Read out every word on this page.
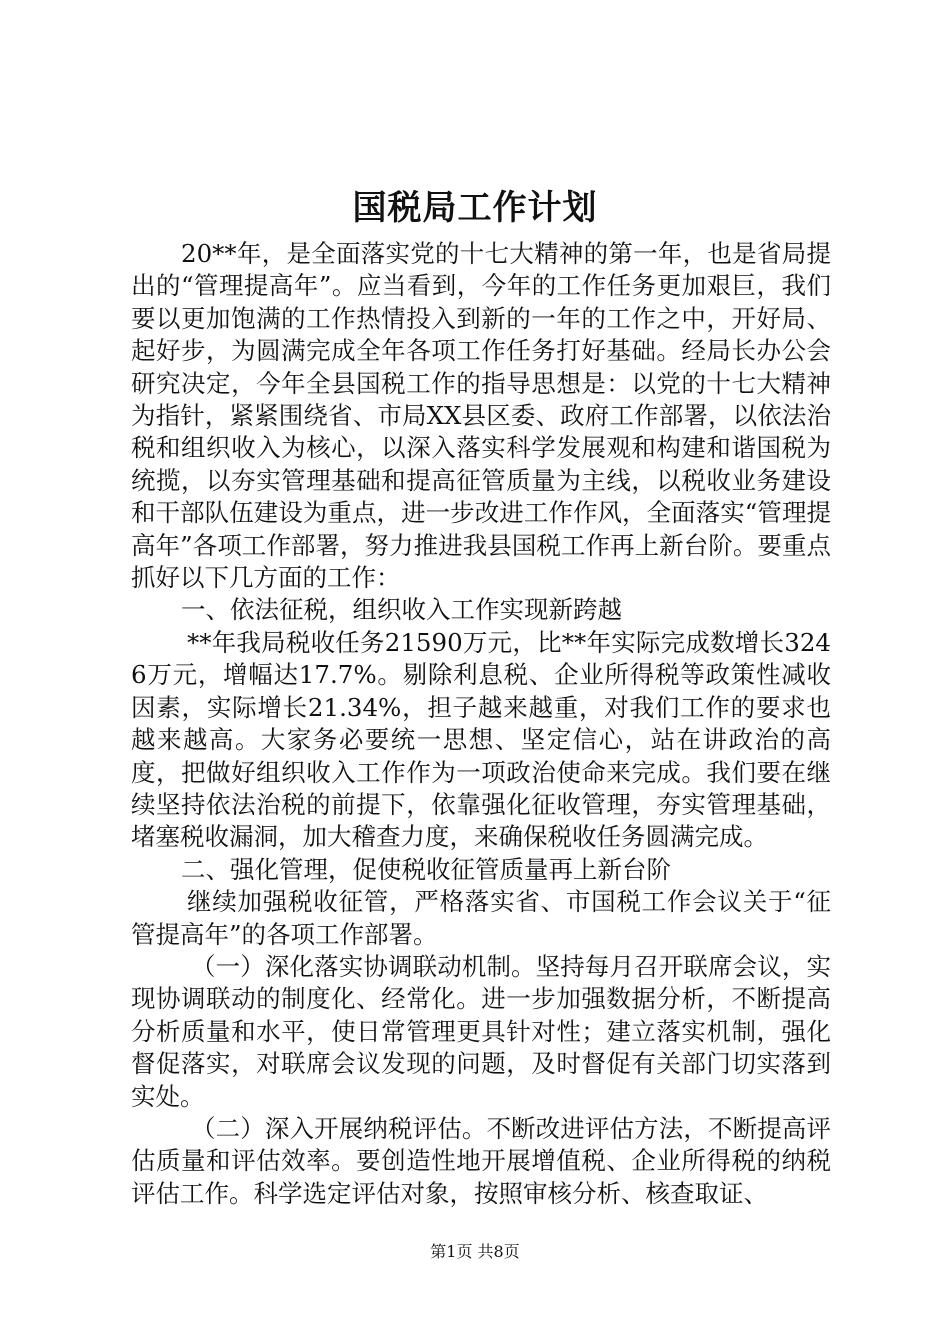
国税局工作计划

20**年，是全面落实党的十七大精神的第一年，也是省局提出的“管理提高年”。应当看到，今年的工作任务更加艰巨，我们要以更加饱满的工作热情投入到新的一年的工作之中，开好局、起好步，为圆满完成全年各项工作任务打好基础。经局长办公会研究决定，今年全县国税工作的指导思想是：以党的十七大精神为指针，紧紧围绕省、市局XX县区委、政府工作部署，以依法治税和组织收入为核心，以深入落实科学发展观和构建和谐国税为统揽，以夯实管理基础和提高征管质量为主线，以税收业务建设和干部队伍建设为重点，进一步改进工作作风，全面落实“管理提高年”各项工作部署，努力推进我县国税工作再上新台阶。要重点抓好以下几方面的工作：

一、依法征税，组织收入工作实现新跨越

**年我局税收任务21590万元，比**年实际完成数增长3246万元，增幅达17.7%。剔除利息税、企业所得税等政策性减收因素，实际增长21.34%，担子越来越重，对我们工作的要求也越来越高。大家务必要统一思想、坚定信心，站在讲政治的高度，把做好组织收入工作作为一项政治使命来完成。我们要在继续坚持依法治税的前提下，依靠强化征收管理，夯实管理基础，堵塞税收漏洞，加大稽查力度，来确保税收任务圆满完成。

二、强化管理，促使税收征管质量再上新台阶

继续加强税收征管，严格落实省、市国税工作会议关于“征管提高年”的各项工作部署。

（一）深化落实协调联动机制。坚持每月召开联席会议，实现协调联动的制度化、经常化。进一步加强数据分析，不断提高分析质量和水平，使日常管理更具针对性；建立落实机制，强化督促落实，对联席会议发现的问题，及时督促有关部门切实落到实处。

（二）深入开展纳税评估。不断改进评估方法，不断提高评估质量和评估效率。要创造性地开展增值税、企业所得税的纳税评估工作。科学选定评估对象，按照审核分析、核查取证、

第1页 共8页
